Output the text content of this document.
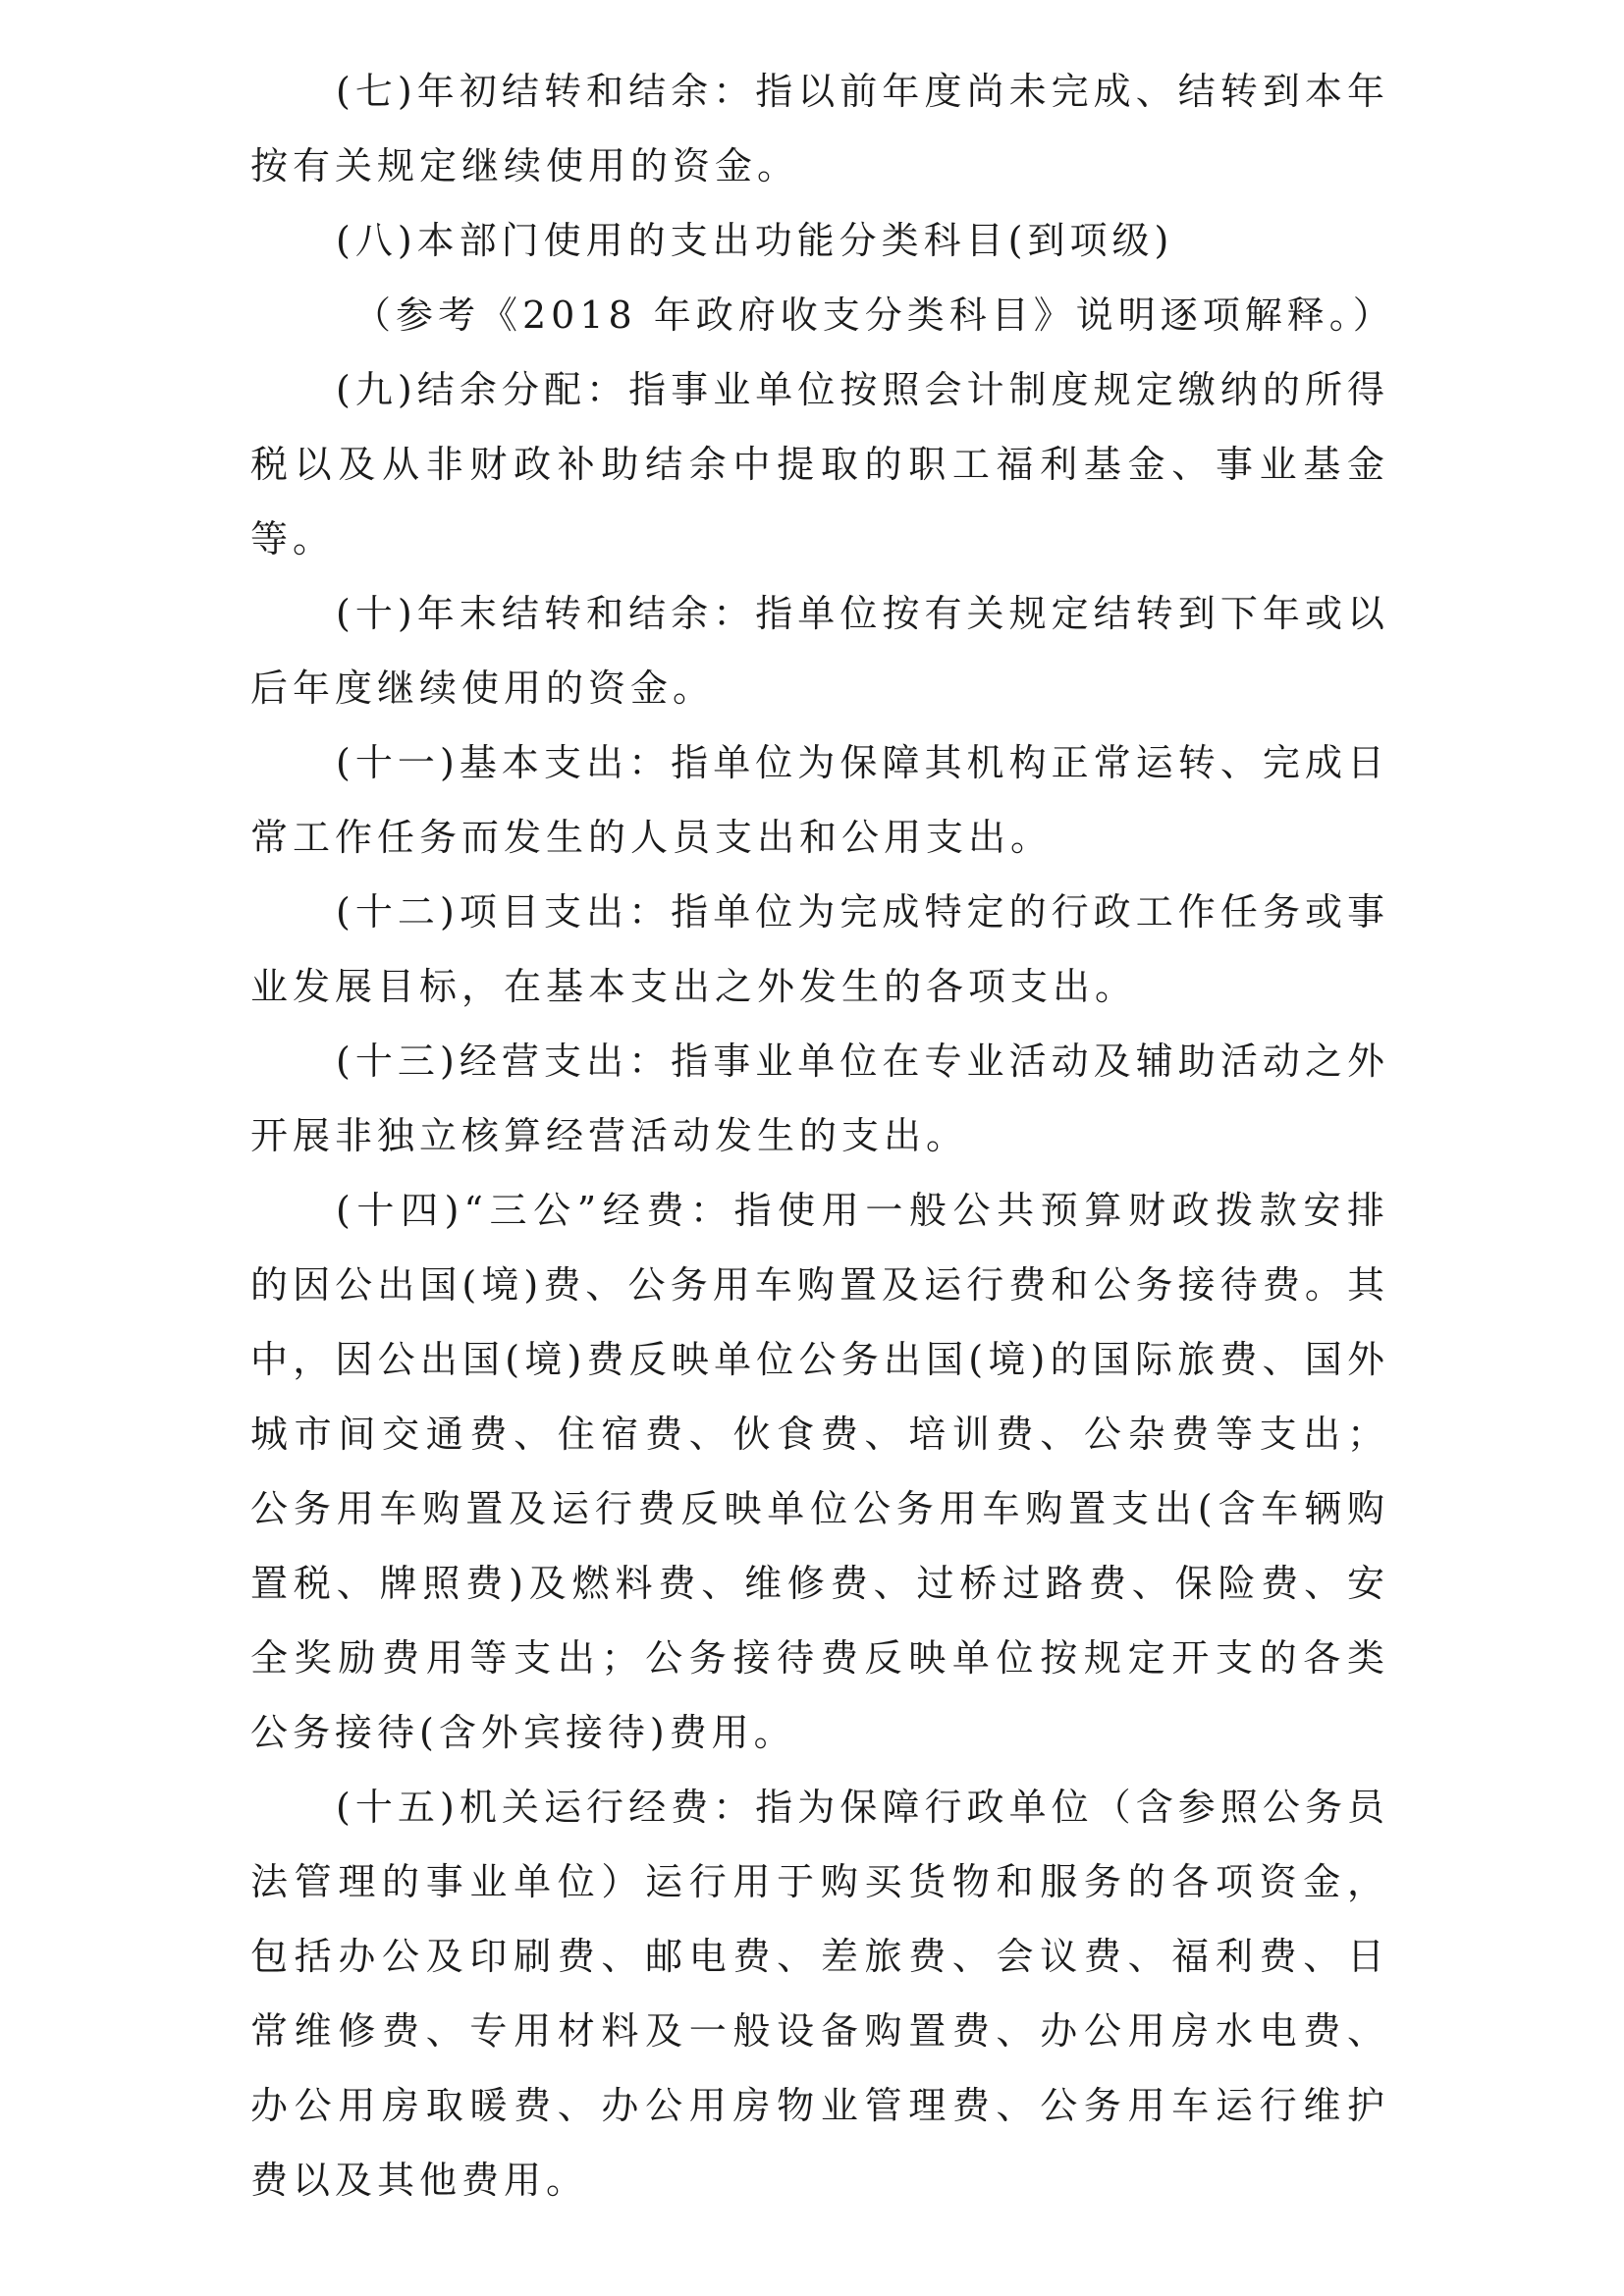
(七)年初结转和结余：指以前年度尚未完成、结转到本年按有关规定继续使用的资金。

(八)本部门使用的支出功能分类科目(到项级)

（参考《2018 年政府收支分类科目》说明逐项解释。）

(九)结余分配：指事业单位按照会计制度规定缴纳的所得税以及从非财政补助结余中提取的职工福利基金、事业基金等。

(十)年末结转和结余：指单位按有关规定结转到下年或以后年度继续使用的资金。

(十一)基本支出：指单位为保障其机构正常运转、完成日常工作任务而发生的人员支出和公用支出。

(十二)项目支出：指单位为完成特定的行政工作任务或事业发展目标，在基本支出之外发生的各项支出。

(十三)经营支出：指事业单位在专业活动及辅助活动之外开展非独立核算经营活动发生的支出。

(十四)“三公”经费：指使用一般公共预算财政拨款安排的因公出国(境)费、公务用车购置及运行费和公务接待费。其中，因公出国(境)费反映单位公务出国(境)的国际旅费、国外城市间交通费、住宿费、伙食费、培训费、公杂费等支出；公务用车购置及运行费反映单位公务用车购置支出(含车辆购置税、牌照费)及燃料费、维修费、过桥过路费、保险费、安全奖励费用等支出；公务接待费反映单位按规定开支的各类公务接待(含外宾接待)费用。

(十五)机关运行经费：指为保障行政单位（含参照公务员法管理的事业单位）运行用于购买货物和服务的各项资金，包括办公及印刷费、邮电费、差旅费、会议费、福利费、日常维修费、专用材料及一般设备购置费、办公用房水电费、办公用房取暖费、办公用房物业管理费、公务用车运行维护费以及其他费用。
